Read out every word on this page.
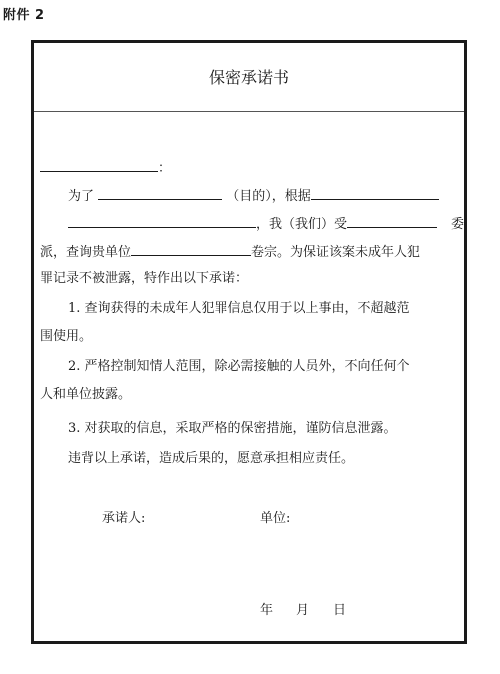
附件 2
保密承诺书
：
为了	（目的），根据
，我（我们）受	委
派，查询贵单位	卷宗。为保证该案未成年人犯
罪记录不被泄露，特作出以下承诺：
1. 查询获得的未成年人犯罪信息仅用于以上事由，不超越范
围使用。
2. 严格控制知情人范围，除必需接触的人员外，不向任何个
人和单位披露。
3. 对获取的信息，采取严格的保密措施，谨防信息泄露。
违背以上承诺，造成后果的，愿意承担相应责任。
承诺人:	单位:
年 月 日
